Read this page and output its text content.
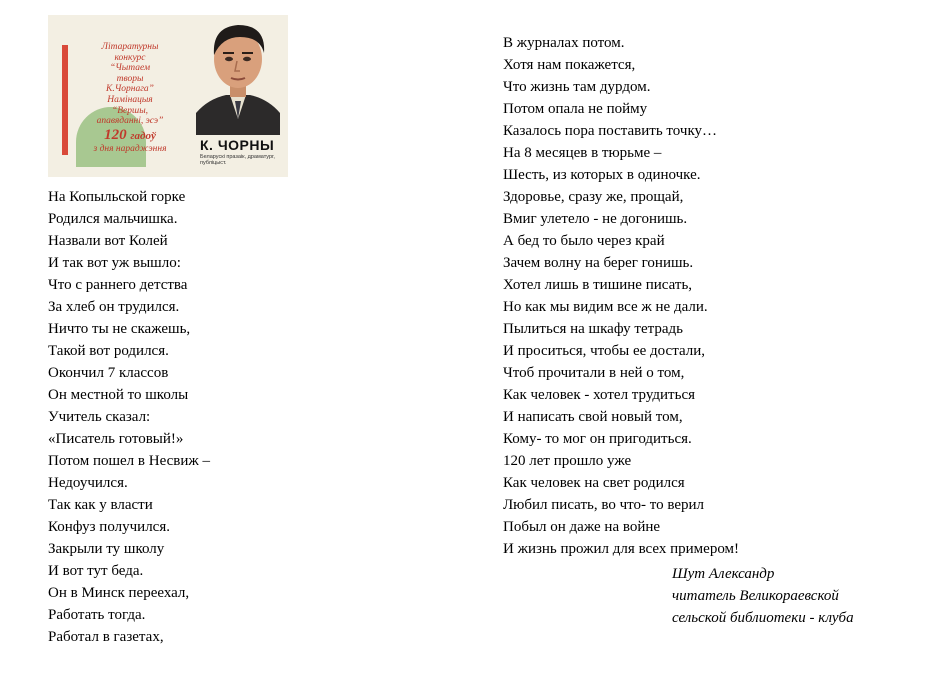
Літаратурны
конкурс
“Чытаем
творы
К.Чорнага”
Намінацыя
“Вершы,
апавяданні, эсэ”
120 гадоў
з дня нараджэння	К. ЧОРНЫ
Беларускі празаік, драматург, публіцыст.
На Копыльской горке
Родился мальчишка.
Назвали вот Колей
И так вот уж вышло:
Что с раннего детства
За хлеб он трудился.
Ничто ты не скажешь,
Такой вот родился.
Окончил 7 классов
Он местной то школы
Учитель сказал:
«Писатель готовый!»
Потом пошел в Несвиж –
Недоучился.
Так как у власти
Конфуз получился.
Закрыли ту школу
И вот тут беда.
Он в Минск переехал,
Работать тогда.
Работал в газетах,
В журналах потом.
Хотя нам покажется,
Что жизнь там дурдом.
Потом опала не пойму
Казалось пора поставить точку…
На 8 месяцев в тюрьме –
Шесть, из которых в одиночке.
Здоровье, сразу же, прощай,
Вмиг улетело - не догонишь.
А бед то было через край
Зачем волну на берег гонишь.
Хотел лишь в тишине писать,
Но как мы видим все ж не дали.
Пылиться на шкафу тетрадь
И проситься, чтобы ее достали,
Чтоб прочитали в ней о том,
Как человек - хотел трудиться
И написать свой новый том,
Кому- то мог он пригодиться.
120 лет прошло уже
Как человек на свет родился
Любил писать, во что- то верил
Побыл он даже на войне
И жизнь прожил для всех примером!
Шут Александр
читатель Великораевской
сельской библиотеки - клуба
